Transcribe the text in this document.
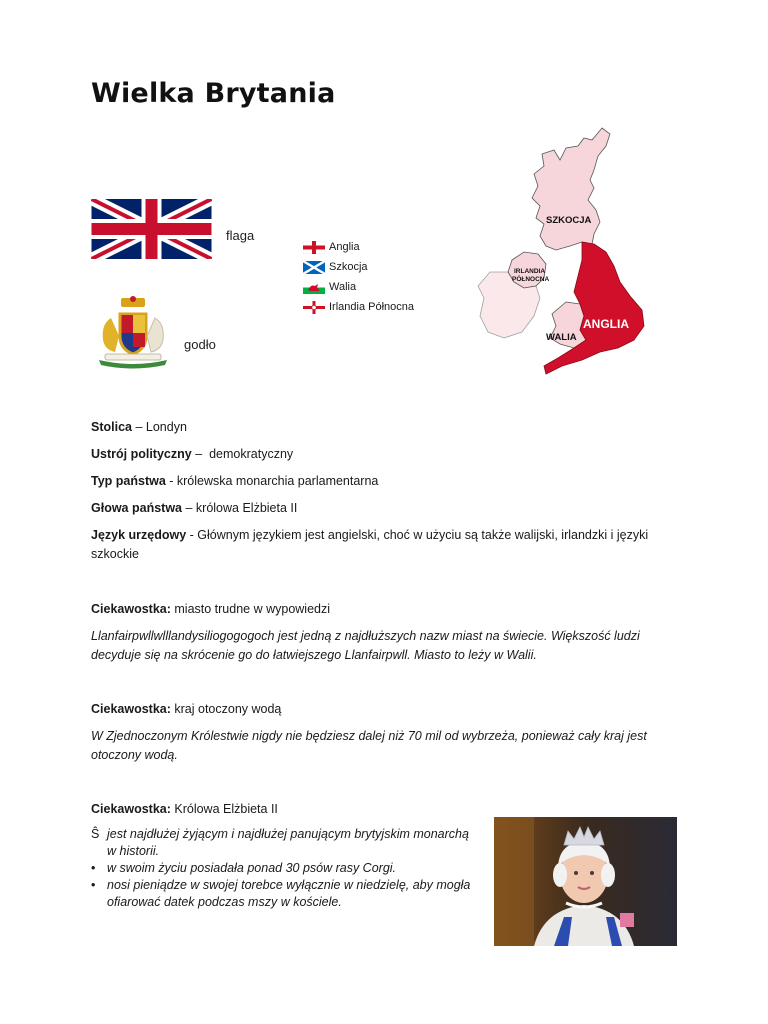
Wielka Brytania
flaga
godło
Anglia
Szkocja
Walia
Irlandia Północna
SZKOCJA
IRLANDIA
PÓŁNOCNA
WALIA
ANGLIA
Stolica – Londyn
Ustrój polityczny –  demokratyczny
Typ państwa - królewska monarchia parlamentarna
Głowa państwa – królowa Elżbieta II
Język urzędowy - Głównym językiem jest angielski, choć w użyciu są także walijski, irlandzki i języki szkockie
Ciekawostka: miasto trudne w wypowiedzi
Llanfairpwllwlllandysiliogogogoch jest jedną z najdłuższych nazw miast na świecie. Większość ludzi decyduje się na skrócenie go do łatwiejszego Llanfairpwll. Miasto to leży w Walii.
Ciekawostka: kraj otoczony wodą
W Zjednoczonym Królestwie nigdy nie będziesz dalej niż 70 mil od wybrzeża, ponieważ cały kraj jest otoczony wodą.
Ciekawostka: Królowa Elżbieta II
Ŝ jest najdłużej żyjącym i najdłużej panującym brytyjskim monarchą w historii.
• w swoim życiu posiadała ponad 30 psów rasy Corgi.
• nosi pieniądze w swojej torebce wyłącznie w niedzielę, aby mogła ofiarować datek podczas mszy w kościele.
